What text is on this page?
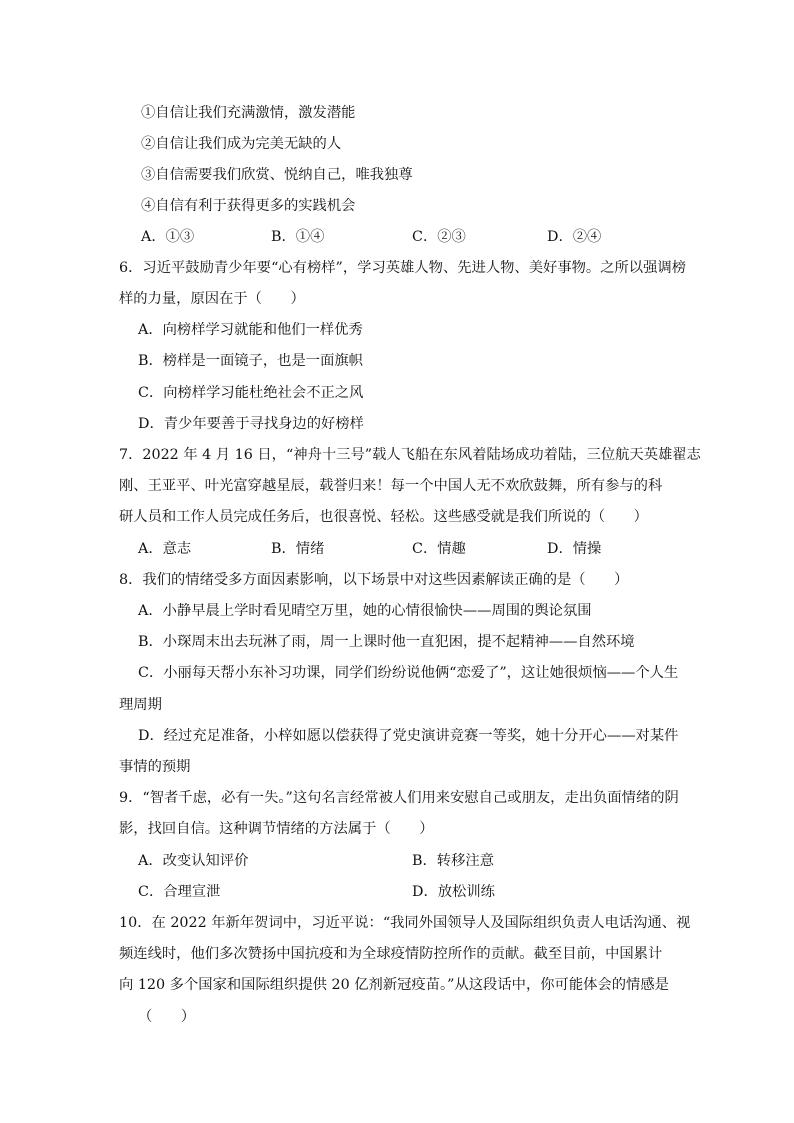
①自信让我们充满激情，激发潜能
②自信让我们成为完美无缺的人
③自信需要我们欣赏、悦纳自己，唯我独尊
④自信有利于获得更多的实践机会
A．①③	B．①④	C．②③	D．②④
6．习近平鼓励青少年要“心有榜样”，学习英雄人物、先进人物、美好事物。之所以强调榜
样的力量，原因在于（　　）
A．向榜样学习就能和他们一样优秀
B．榜样是一面镜子，也是一面旗帜
C．向榜样学习能杜绝社会不正之风
D．青少年要善于寻找身边的好榜样
7．2022 年 4 月 16 日，“神舟十三号”载人飞船在东风着陆场成功着陆，三位航天英雄翟志
刚、王亚平、叶光富穿越星辰，载誉归来！每一个中国人无不欢欣鼓舞，所有参与的科
研人员和工作人员完成任务后，也很喜悦、轻松。这些感受就是我们所说的（　　）
A．意志	B．情绪	C．情趣	D．情操
8．我们的情绪受多方面因素影响，以下场景中对这些因素解读正确的是（　　）
A．小静早晨上学时看见晴空万里，她的心情很愉快——周围的舆论氛围
B．小琛周末出去玩淋了雨，周一上课时他一直犯困，提不起精神——自然环境
C．小丽每天帮小东补习功课，同学们纷纷说他俩“恋爱了”，这让她很烦恼——个人生
理周期
D．经过充足准备，小梓如愿以偿获得了党史演讲竞赛一等奖，她十分开心——对某件
事情的预期
9．“智者千虑，必有一失。”这句名言经常被人们用来安慰自己或朋友，走出负面情绪的阴
影，找回自信。这种调节情绪的方法属于（　　）
A．改变认知评价	B．转移注意
C．合理宣泄	D．放松训练
10．在 2022 年新年贺词中，习近平说：“我同外国领导人及国际组织负责人电话沟通、视
频连线时，他们多次赞扬中国抗疫和为全球疫情防控所作的贡献。截至目前，中国累计
向 120 多个国家和国际组织提供 20 亿剂新冠疫苗。”从这段话中，你可能体会的情感是
（　　）
